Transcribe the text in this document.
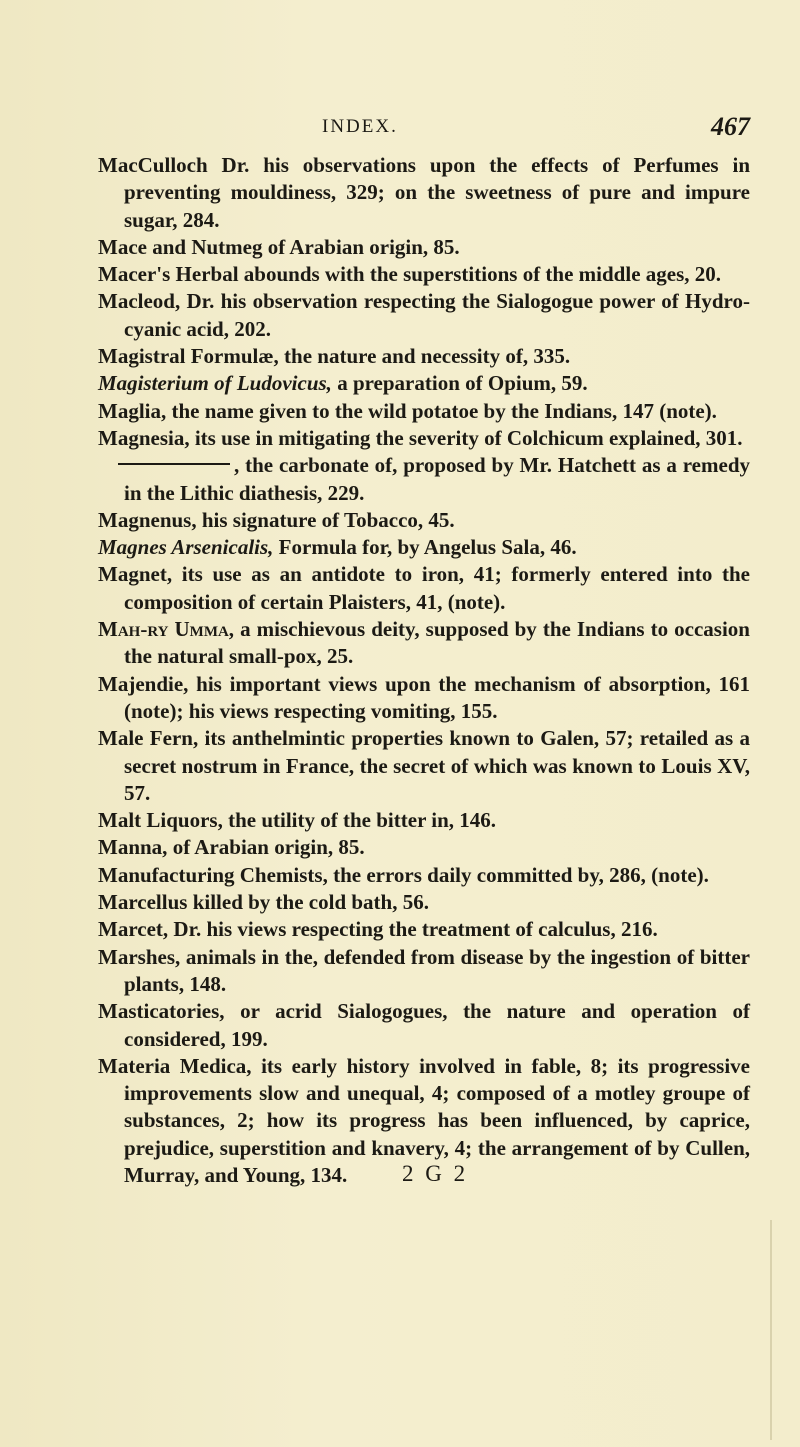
INDEX.	467

MacCulloch Dr. his observations upon the effects of Perfumes in preventing mouldiness, 329; on the sweetness of pure and impure sugar, 284.

Mace and Nutmeg of Arabian origin, 85.

Macer's Herbal abounds with the superstitions of the middle ages, 20.

Macleod, Dr. his observation respecting the Sialogogue power of Hydro-cyanic acid, 202.

Magistral Formulæ, the nature and necessity of, 335.

Magisterium of Ludovicus, a preparation of Opium, 59.

Maglia, the name given to the wild potatoe by the Indians, 147 (note).

Magnesia, its use in mitigating the severity of Colchicum explained, 301.

, the carbonate of, proposed by Mr. Hatchett as a remedy in the Lithic diathesis, 229.

Magnenus, his signature of Tobacco, 45.

Magnes Arsenicalis, Formula for, by Angelus Sala, 46.

Magnet, its use as an antidote to iron, 41; formerly entered into the composition of certain Plaisters, 41, (note).

Mah-ry Umma, a mischievous deity, supposed by the Indians to occasion the natural small-pox, 25.

Majendie, his important views upon the mechanism of absorption, 161 (note); his views respecting vomiting, 155.

Male Fern, its anthelmintic properties known to Galen, 57; retailed as a secret nostrum in France, the secret of which was known to Louis XV, 57.

Malt Liquors, the utility of the bitter in, 146.

Manna, of Arabian origin, 85.

Manufacturing Chemists, the errors daily committed by, 286, (note).

Marcellus killed by the cold bath, 56.

Marcet, Dr. his views respecting the treatment of calculus, 216.

Marshes, animals in the, defended from disease by the ingestion of bitter plants, 148.

Masticatories, or acrid Sialogogues, the nature and operation of considered, 199.

Materia Medica, its early history involved in fable, 8; its progressive improvements slow and unequal, 4; composed of a motley groupe of substances, 2; how its progress has been influenced, by caprice, prejudice, superstition and knavery, 4; the arrangement of by Cullen, Murray, and Young, 134.	2 G 2
